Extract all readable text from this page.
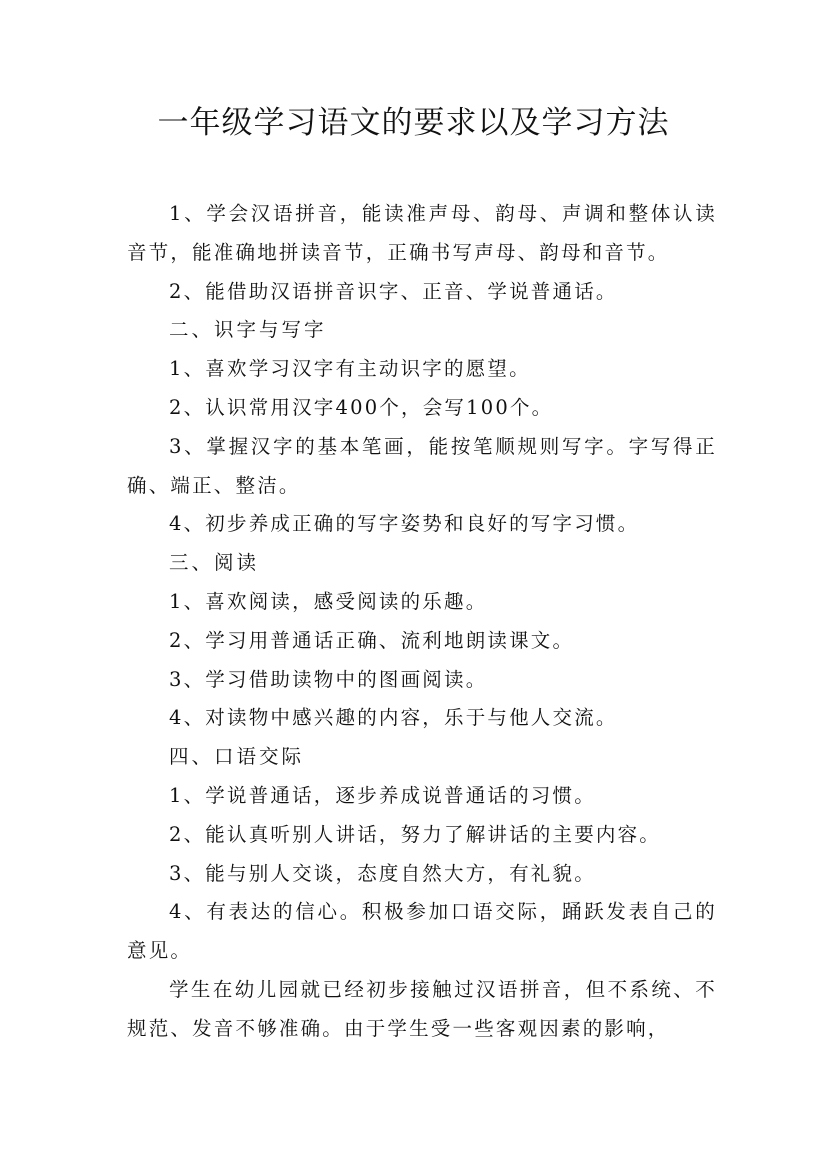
一年级学习语文的要求以及学习方法

1、学会汉语拼音，能读准声母、韵母、声调和整体认读音节，能准确地拼读音节，正确书写声母、韵母和音节。

2、能借助汉语拼音识字、正音、学说普通话。

二、识字与写字

1、喜欢学习汉字有主动识字的愿望。

2、认识常用汉字400个，会写100个。

3、掌握汉字的基本笔画，能按笔顺规则写字。字写得正确、端正、整洁。

4、初步养成正确的写字姿势和良好的写字习惯。

三、阅读

1、喜欢阅读，感受阅读的乐趣。

2、学习用普通话正确、流利地朗读课文。

3、学习借助读物中的图画阅读。

4、对读物中感兴趣的内容，乐于与他人交流。

四、口语交际

1、学说普通话，逐步养成说普通话的习惯。

2、能认真听别人讲话，努力了解讲话的主要内容。

3、能与别人交谈，态度自然大方，有礼貌。

4、有表达的信心。积极参加口语交际，踊跃发表自己的意见。

学生在幼儿园就已经初步接触过汉语拼音，但不系统、不规范、发音不够准确。由于学生受一些客观因素的影响，
